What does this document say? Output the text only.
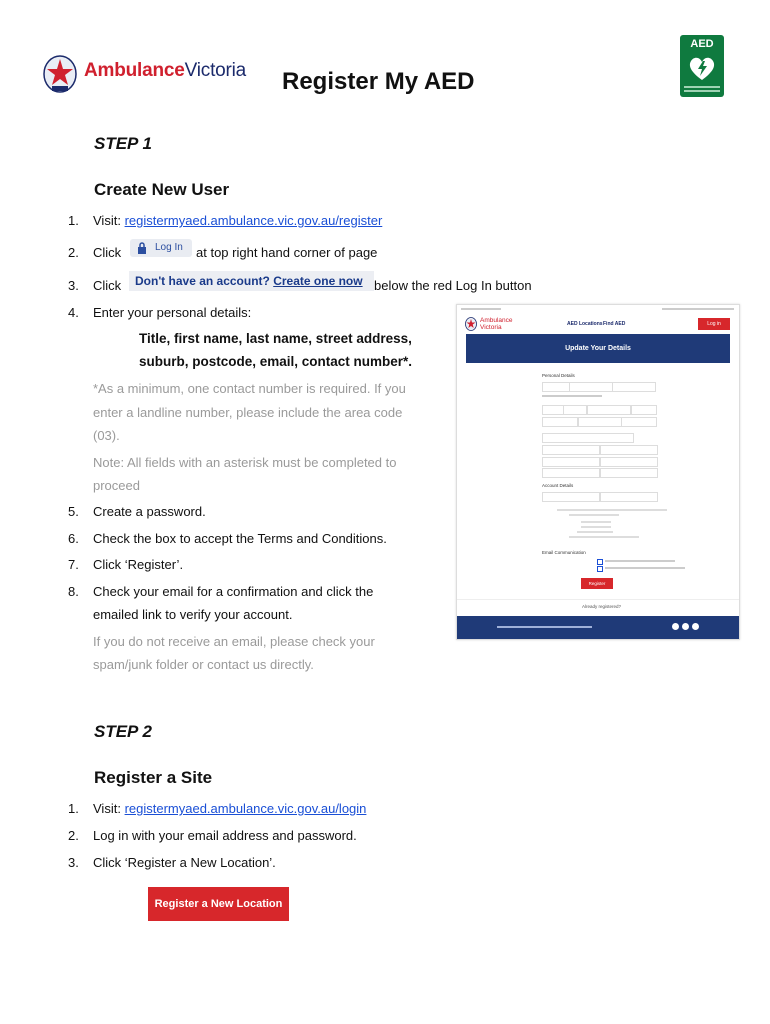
AmbulanceVictoria Register My AED
AED
STEP 1
Create New User
1. Visit: registermyaed.ambulance.vic.gov.au/register
2. Click	Log In at top right hand corner of page
3. Click Don't have an account? Create one now below the red Log In button
4. Enter your personal details:
Title, first name, last name, street address,
suburb, postcode, email, contact number*.
*As a minimum, one contact number is required. If you
enter a landline number, please include the area code
(03).
Note: All fields with an asterisk must be completed to
proceed
5. Create a password.
6. Check the box to accept the Terms and Conditions.
7. Click ‘Register’.
8. Check your email for a confirmation and click the
emailed link to verify your account.
If you do not receive an email, please check your
spam/junk folder or contact us directly.
Ambulance Victoria	AED Locations Find AED	Log in
Update Your Details
Personal Details
Account Details
Email Communication
Register
Already registered?
STEP 2
Register a Site
1. Visit: registermyaed.ambulance.vic.gov.au/login
2. Log in with your email address and password.
3. Click ‘Register a New Location’.
Register a New Location
